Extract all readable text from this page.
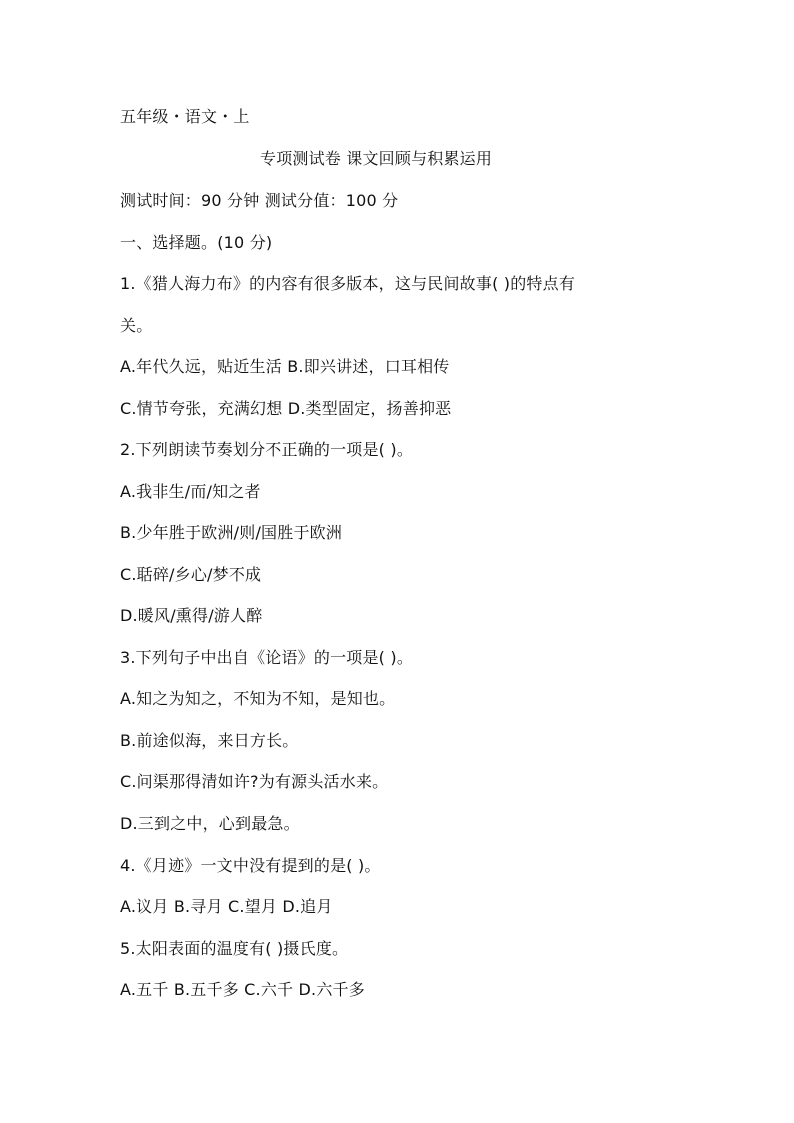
五年级・语文・上
专项测试卷 课文回顾与积累运用
测试时间：90 分钟 测试分值：100 分
一、选择题。(10 分)
1.《猎人海力布》的内容有很多版本，这与民间故事( )的特点有
关。
A.年代久远，贴近生活 B.即兴讲述，口耳相传
C.情节夸张，充满幻想 D.类型固定，扬善抑恶
2.下列朗读节奏划分不正确的一项是( )。
A.我非生/而/知之者
B.少年胜于欧洲/则/国胜于欧洲
C.聒碎/乡心/梦不成
D.暖风/熏得/游人醉
3.下列句子中出自《论语》的一项是( )。
A.知之为知之，不知为不知，是知也。
B.前途似海，来日方长。
C.问渠那得清如许?为有源头活水来。
D.三到之中，心到最急。
4.《月迹》一文中没有提到的是( )。
A.议月 B.寻月 C.望月 D.追月
5.太阳表面的温度有( )摄氏度。
A.五千 B.五千多 C.六千 D.六千多
